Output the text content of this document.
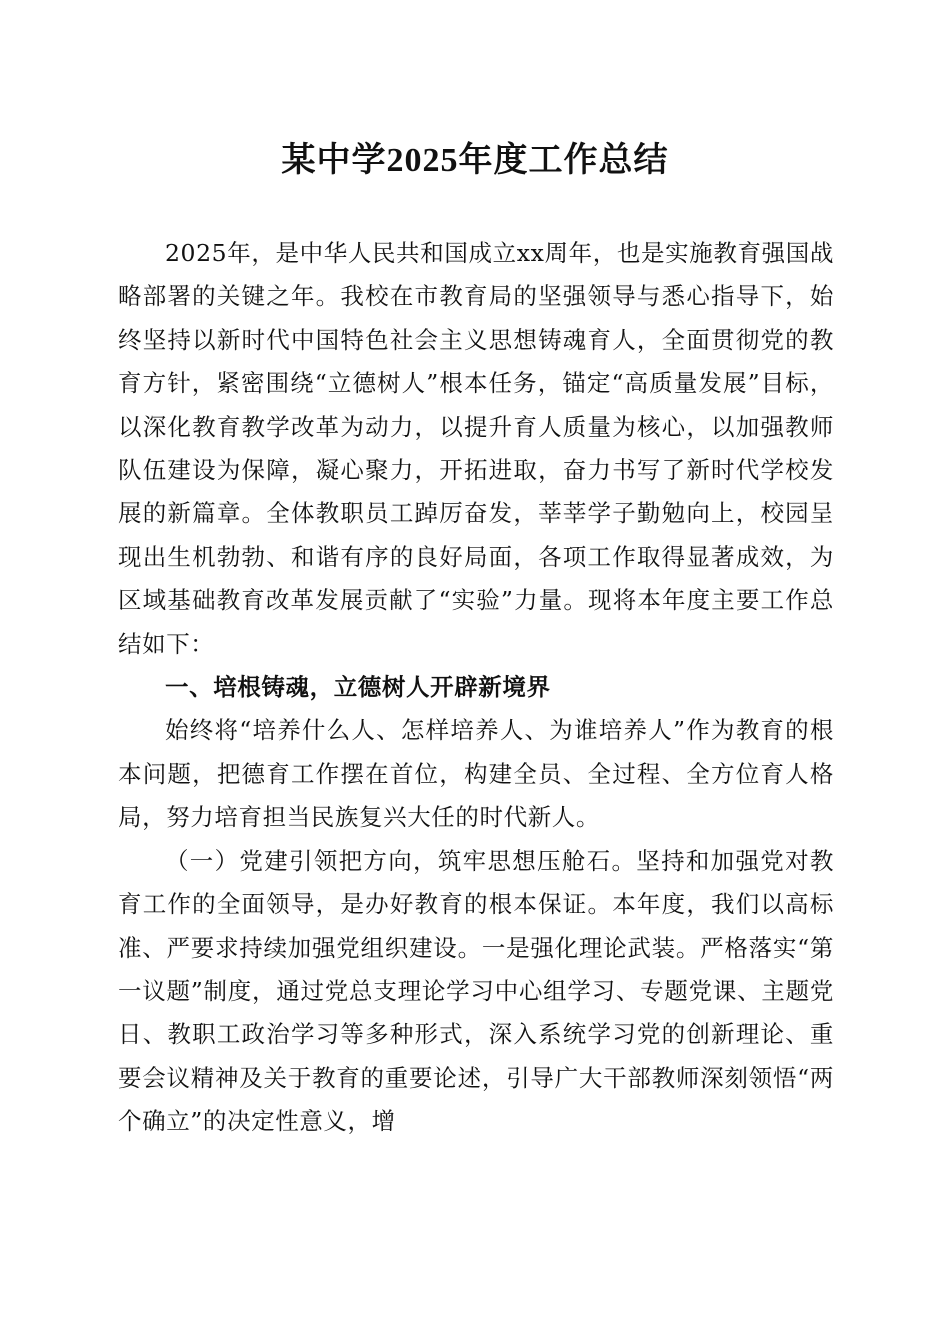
某中学2025年度工作总结

2025年，是中华人民共和国成立xx周年，也是实施教育强国战略部署的关键之年。我校在市教育局的坚强领导与悉心指导下，始终坚持以新时代中国特色社会主义思想铸魂育人，全面贯彻党的教育方针，紧密围绕“立德树人”根本任务，锚定“高质量发展”目标，以深化教育教学改革为动力，以提升育人质量为核心，以加强教师队伍建设为保障，凝心聚力，开拓进取，奋力书写了新时代学校发展的新篇章。全体教职员工踔厉奋发，莘莘学子勤勉向上，校园呈现出生机勃勃、和谐有序的良好局面，各项工作取得显著成效，为区域基础教育改革发展贡献了“实验”力量。现将本年度主要工作总结如下：

一、培根铸魂，立德树人开辟新境界

始终将“培养什么人、怎样培养人、为谁培养人”作为教育的根本问题，把德育工作摆在首位，构建全员、全过程、全方位育人格局，努力培育担当民族复兴大任的时代新人。

（一）党建引领把方向，筑牢思想压舱石。坚持和加强党对教育工作的全面领导，是办好教育的根本保证。本年度，我们以高标准、严要求持续加强党组织建设。一是强化理论武装。严格落实“第一议题”制度，通过党总支理论学习中心组学习、专题党课、主题党日、教职工政治学习等多种形式，深入系统学习党的创新理论、重要会议精神及关于教育的重要论述，引导广大干部教师深刻领悟“两个确立”的决定性意义，增
